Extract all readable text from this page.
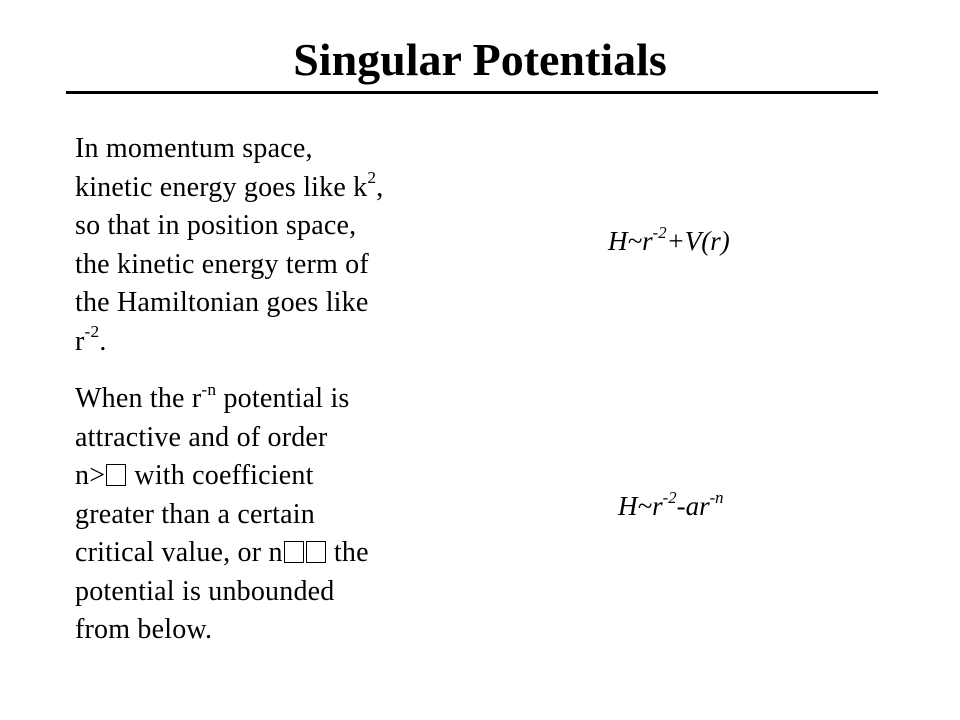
Singular Potentials
In momentum space,
kinetic energy goes like $k^2$,
so that in position space,
the kinetic energy term of
the Hamiltonian goes like
$r^{-2}$.
When the $r^{-n}$ potential is
attractive and of order
n> with coefficient
greater than a certain
critical value, or n the
potential is unbounded
from below.
$H\sim r^{-2}+V(r)$
$H\sim r^{-2}-ar^{-n}$
